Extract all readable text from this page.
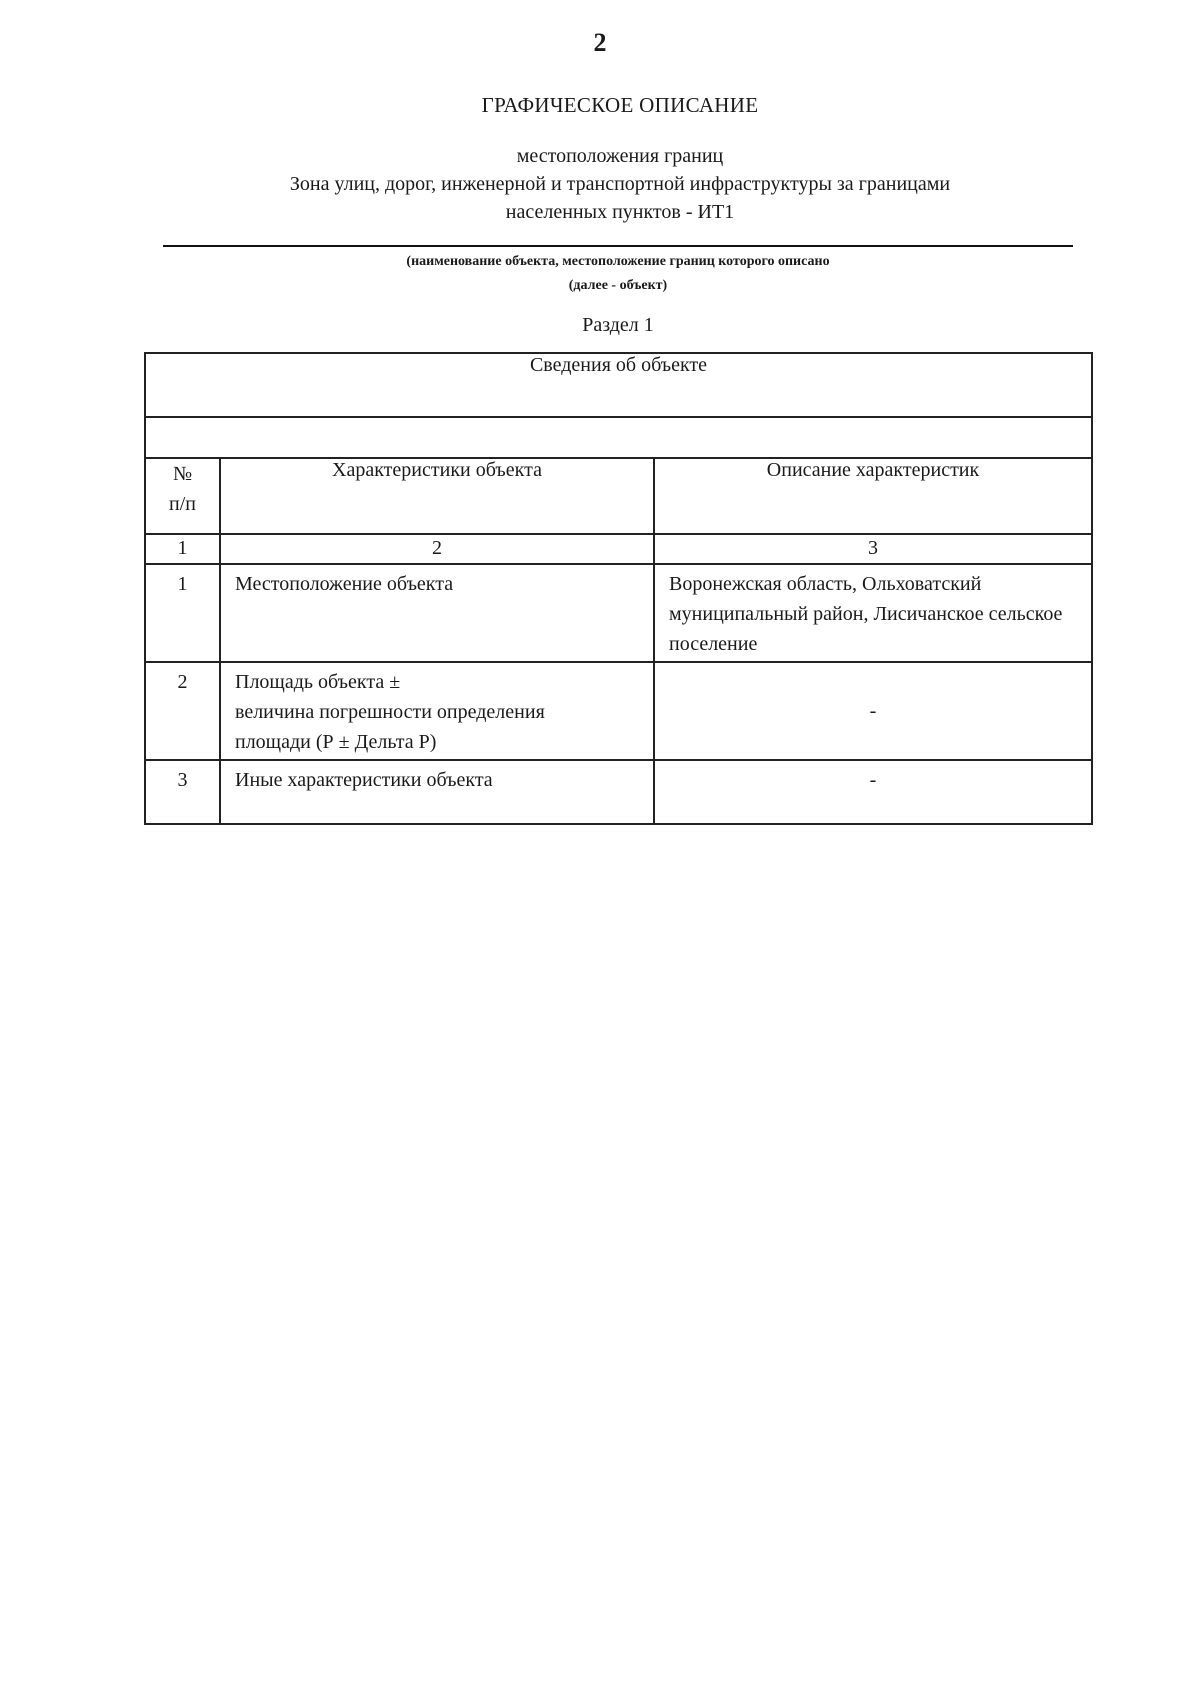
2
ГРАФИЧЕСКОЕ ОПИСАНИЕ
местоположения границ
Зона улиц, дорог, инженерной и транспортной инфраструктуры за границами
населенных пунктов - ИТ1
(наименование объекта, местоположение границ которого описано
(далее - объект)
Раздел 1
Сведения об объекте		

№
п/п	Характеристики объекта	Описание характеристик
1	2	3
1	Местоположение объекта	Воронежская область, Ольховатский муниципальный район, Лисичанское сельское поселение

2	Площадь объекта ±
величина погрешности определения
площади (Р ± Дельта Р)	-
3	Иные характеристики объекта	-
